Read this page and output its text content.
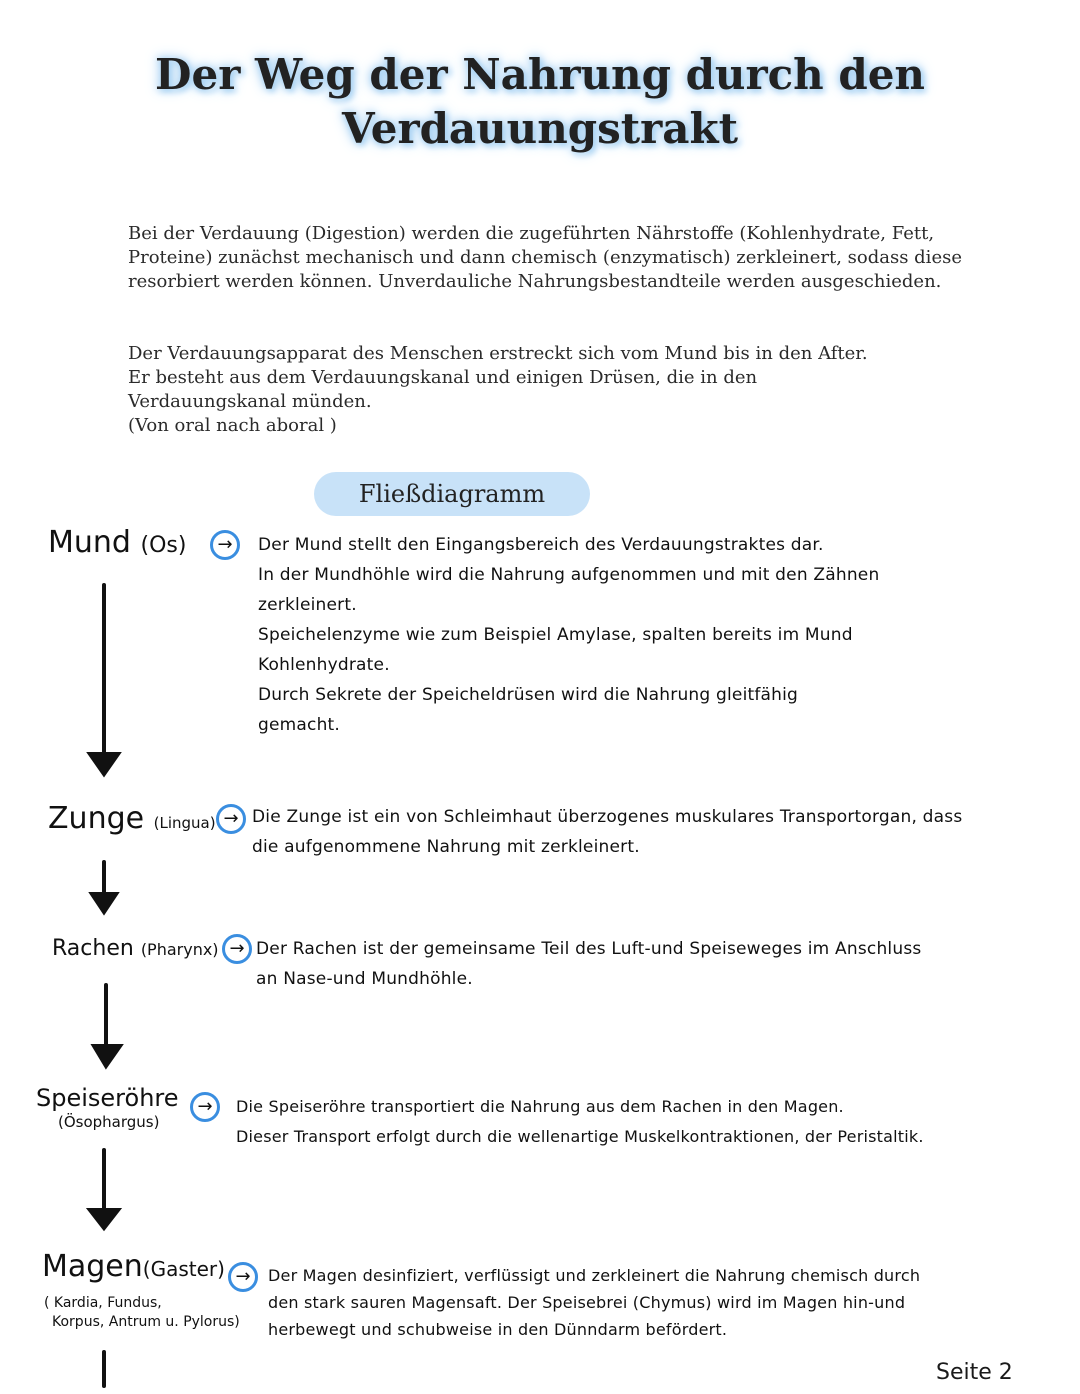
Der Weg der Nahrung durch den
Verdauungstrakt
Bei der Verdauung (Digestion) werden die zugeführten Nährstoffe (Kohlenhydrate, Fett, Proteine) zunächst mechanisch und dann chemisch (enzymatisch) zerkleinert, sodass diese resorbiert werden können. Unverdauliche Nahrungsbestandteile werden ausgeschieden.
Der Verdauungsapparat des Menschen erstreckt sich vom Mund bis in den After.
Er besteht aus dem Verdauungskanal und einigen Drüsen, die in den
Verdauungskanal münden.
(Von oral nach aboral )
Fließdiagramm
Mund (Os) → Der Mund stellt den Eingangsbereich des Verdauungstraktes dar.
In der Mundhöhle wird die Nahrung aufgenommen und mit den Zähnen
zerkleinert.
Speichelenzyme wie zum Beispiel Amylase, spalten bereits im Mund
Kohlenhydrate.
Durch Sekrete der Speicheldrüsen wird die Nahrung gleitfähig
gemacht.
Zunge (Lingua) → Die Zunge ist ein von Schleimhaut überzogenes muskulares Transportorgan, dass
die aufgenommene Nahrung mit zerkleinert.
Rachen (Pharynx) → Der Rachen ist der gemeinsame Teil des Luft-und Speiseweges im Anschluss
an Nase-und Mundhöhle.
Speiseröhre
(Ösophargus)
→ Die Speiseröhre transportiert die Nahrung aus dem Rachen in den Magen.
Dieser Transport erfolgt durch die wellenartige Muskelkontraktionen, der Peristaltik.
Magen(Gaster)
( Kardia, Fundus,
Korpus, Antrum u. Pylorus)
→ Der Magen desinfiziert, verflüssigt und zerkleinert die Nahrung chemisch durch
den stark sauren Magensaft. Der Speisebrei (Chymus) wird im Magen hin-und
herbewegt und schubweise in den Dünndarm befördert.
Seite 2
